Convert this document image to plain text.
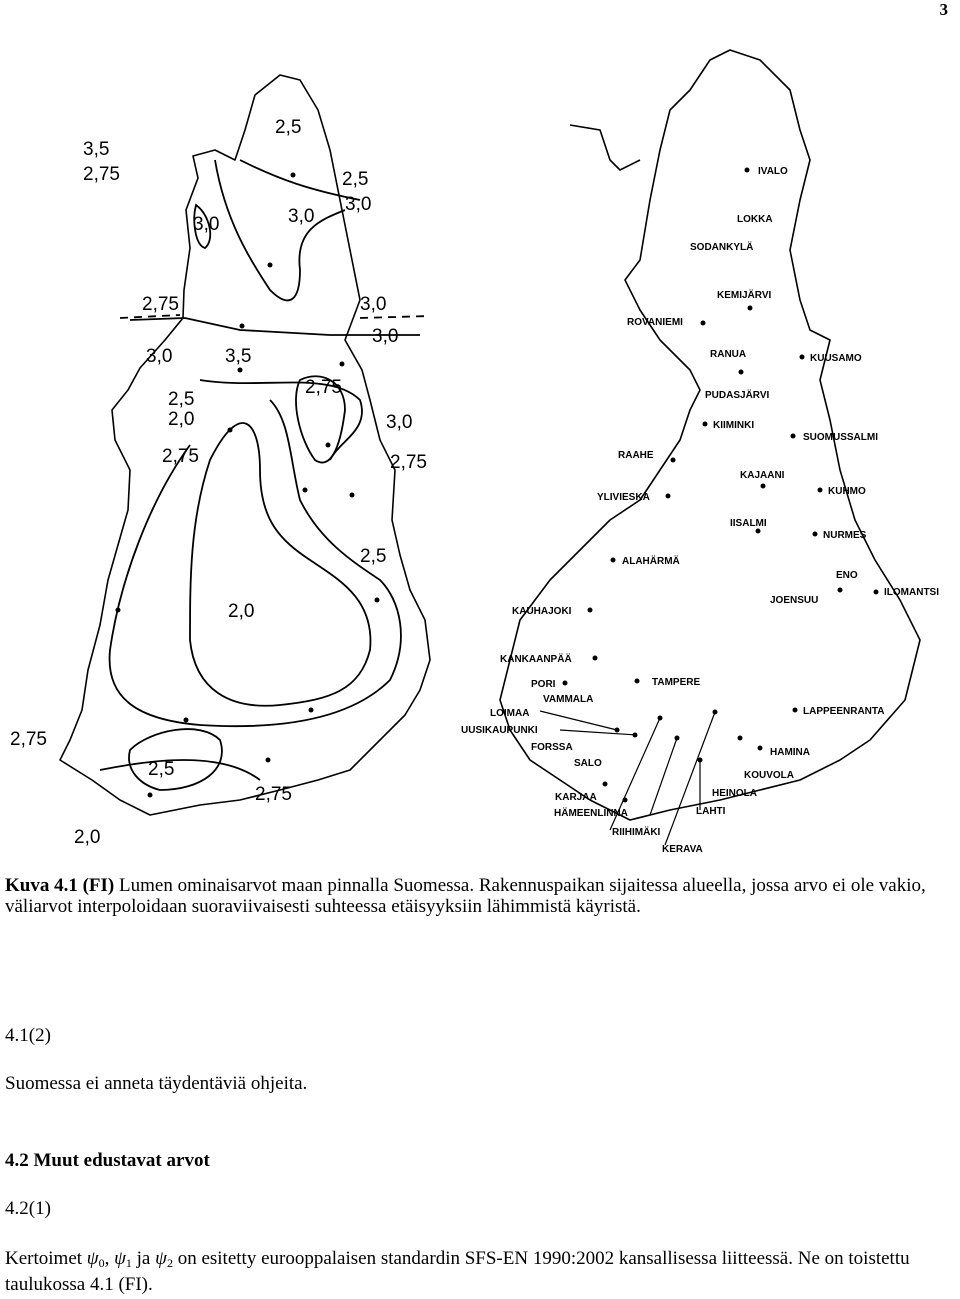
3
2,5
3,5
2,75	2,5
3,0
3,0
3,0
2,75	3,0
3,0
3,0	3,5
2,75
2,5
3,0
2,0
2,75	2,75
2,5
2,0
2,75
2,5
2,75
2,0
IVALO
LOKKA
SODANKYLÄ
KEMIJÄRVI
ROVANIEMI
RANUA	KUUSAMO
PUDASJÄRVI
KIIMINKI
SUOMUSSALMI
RAAHE
KAJAANI
KUHMO
YLIVIESKA
IISALMI
NURMES
ALAHÄRMÄ
ENO
ILOMANTSI
JOENSUU
KAUHAJOKI
KANKAANPÄÄ
TAMPERE
PORI
VAMMALA
LOIMAA	LAPPEENRANTA
UUSIKAUPUNKI
FORSSA	HAMINA
SALO
KOUVOLA
KARJAA	HEINOLA
HÄMEENLINNA	LAHTI
RIIHIMÄKI
KERAVA
Kuva 4.1 (FI) Lumen ominaisarvot maan pinnalla Suomessa. Rakennuspaikan sijaitessa alueella, jossa arvo ei ole vakio, väliarvot interpoloidaan suoraviivaisesti suhteessa etäisyyksiin lähimmistä käyristä.
4.1(2)
Suomessa ei anneta täydentäviä ohjeita.
4.2 Muut edustavat arvot
4.2(1)
Kertoimet $\psi_0$, $\psi_1$ ja $\psi_2$ on esitetty eurooppalaisen standardin SFS-EN 1990:2002 kansallisessa liitteessä. Ne on toistettu taulukossa 4.1 (FI).
